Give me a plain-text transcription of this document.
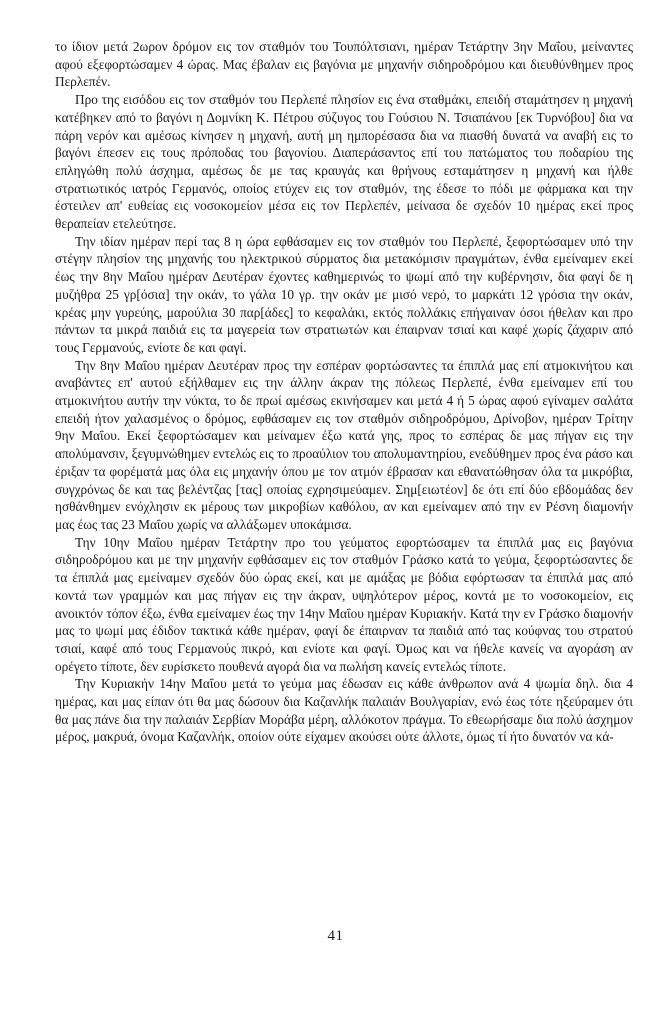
το ίδιον μετά 2ωρον δρόμον εις τον σταθμόν του Τουπόλτσιανι, ημέραν Τετάρτην 3ην Μαΐου, μείναντες αφού εξεφορτώσαμεν 4 ώρας. Μας έβαλαν εις βαγόνια με μηχανήν σιδηροδρόμου και διευθύνθημεν προς Περλεπέν.

Προ της εισόδου εις τον σταθμόν του Περλεπέ πλησίον εις ένα σταθμάκι, επειδή σταμάτησεν η μηχανή κατέβηκεν από το βαγόνι η Δομνίκη Κ. Πέτρου σύζυγος του Γούσιου Ν. Τσιαπάνου [εκ Τυρνόβου] δια να πάρη νερόν και αμέσως κίνησεν η μηχανή, αυτή μη ημπορέσασα δια να πιασθή δυνατά να αναβή εις το βαγόνι έπεσεν εις τους πρόποδας του βαγονίου. Διαπεράσαντος επί του πατώματος του ποδαρίου της επληγώθη πολύ άσχημα, αμέσως δε με τας κραυγάς και θρήνους εσταμάτησεν η μηχανή και ήλθε στρατιωτικός ιατρός Γερμανός, οποίος ετύχεν εις τον σταθμόν, της έδεσε το πόδι με φάρμακα και την έστειλεν απ' ευθείας εις νοσοκομείον μέσα εις τον Περλεπέν, μείνασα δε σχεδόν 10 ημέρας εκεί προς θεραπείαν ετελεύτησε.

Την ιδίαν ημέραν περί τας 8 η ώρα εφθάσαμεν εις τον σταθμόν του Περλεπέ, ξεφορτώσαμεν υπό την στέγην πλησίον της μηχανής του ηλεκτρικού σύρματος δια μετακόμισιν πραγμάτων, ένθα εμείναμεν εκεί έως την 8ην Μαΐου ημέραν Δευτέραν έχοντες καθημερινώς το ψωμί από την κυβέρνησιν, δια φαγί δε η μυζήθρα 25 γρ[όσια] την οκάν, το γάλα 10 γρ. την οκάν με μισό νερό, το μαρκάτι 12 γρόσια την οκάν, κρέας μην γυρεύης, μαρούλια 30 παρ[άδες] το κεφαλάκι, εκτός πολλάκις επήγαιναν όσοι ήθελαν και προ πάντων τα μικρά παιδιά εις τα μαγερεία των στρατιωτών και έπαιρναν τσιαί και καφέ χωρίς ζάχαριν από τους Γερμανούς, ενίοτε δε και φαγί.

Την 8ην Μαΐου ημέραν Δευτέραν προς την εσπέραν φορτώσαντες τα έπιπλά μας επί ατμοκινήτου και αναβάντες επ' αυτού εξήλθαμεν εις την άλλην άκραν της πόλεως Περλεπέ, ένθα εμείναμεν επί του ατμοκινήτου αυτήν την νύκτα, το δε πρωί αμέσως εκινήσαμεν και μετά 4 ή 5 ώρας αφού εγίναμεν σαλάτα επειδή ήτον χαλασμένος ο δρόμος, εφθάσαμεν εις τον σταθμόν σιδηροδρόμου, Δρίνοβον, ημέραν Τρίτην 9ην Μαΐου. Εκεί ξεφορτώσαμεν και μείναμεν έξω κατά γης, προς το εσπέρας δε μας πήγαν εις την απολύμανσιν, ξεγυμνώθημεν εντελώς εις το προαύλιον του απολυμαντηρίου, ενεδύθημεν προς ένα ράσο και έριξαν τα φορέματά μας όλα εις μηχανήν όπου με τον ατμόν έβρασαν και εθανατώθησαν όλα τα μικρόβια, συγχρόνως δε και τας βελέντζας [τας] οποίας εχρησιμεύαμεν. Σημ[ειωτέον] δε ότι επί δύο εβδομάδας δεν ησθάνθημεν ενόχλησιν εκ μέρους των μικροβίων καθόλου, αν και εμείναμεν από την εν Ρέσνη διαμονήν μας έως τας 23 Μαΐου χωρίς να αλλάξωμεν υποκάμισα.

Την 10ην Μαΐου ημέραν Τετάρτην προ του γεύματος εφορτώσαμεν τα έπιπλά μας εις βαγόνια σιδηροδρόμου και με την μηχανήν εφθάσαμεν εις τον σταθμόν Γράσκο κατά το γεύμα, ξεφορτώσαντες δε τα έπιπλά μας εμείναμεν σχεδόν δύο ώρας εκεί, και με αμάξας με βόδια εφόρτωσαν τα έπιπλά μας από κοντά των γραμμών και μας πήγαν εις την άκραν, υψηλότερον μέρος, κοντά με το νοσοκομείον, εις ανοικτόν τόπον έξω, ένθα εμείναμεν έως την 14ην Μαΐου ημέραν Κυριακήν. Κατά την εν Γράσκο διαμονήν μας το ψωμί μας έδιδον τακτικά κάθε ημέραν, φαγί δε έπαιρναν τα παιδιά από τας κούφνας του στρατού τσιαί, καφέ από τους Γερμανούς πικρό, και ενίοτε και φαγί. Όμως και να ήθελε κανείς να αγοράση αν ορέγετο τίποτε, δεν ευρίσκετο πουθενά αγορά δια να πωλήση κανείς εντελώς τίποτε.

Την Κυριακήν 14ην Μαΐου μετά το γεύμα μας έδωσαν εις κάθε άνθρωπον ανά 4 ψωμία δηλ. δια 4 ημέρας, και μας είπαν ότι θα μας δώσουν δια Καζανλήκ παλαιάν Βουλγαρίαν, ενώ έως τότε ηξεύραμεν ότι θα μας πάνε δια την παλαιάν Σερβίαν Μοράβα μέρη, αλλόκοτον πράγμα. Το εθεωρήσαμε δια πολύ άσχημον μέρος, μακρυά, όνομα Καζανλήκ, οποίον ούτε είχαμεν ακούσει ούτε άλλοτε, όμως τί ήτο δυνατόν να κά-

41
